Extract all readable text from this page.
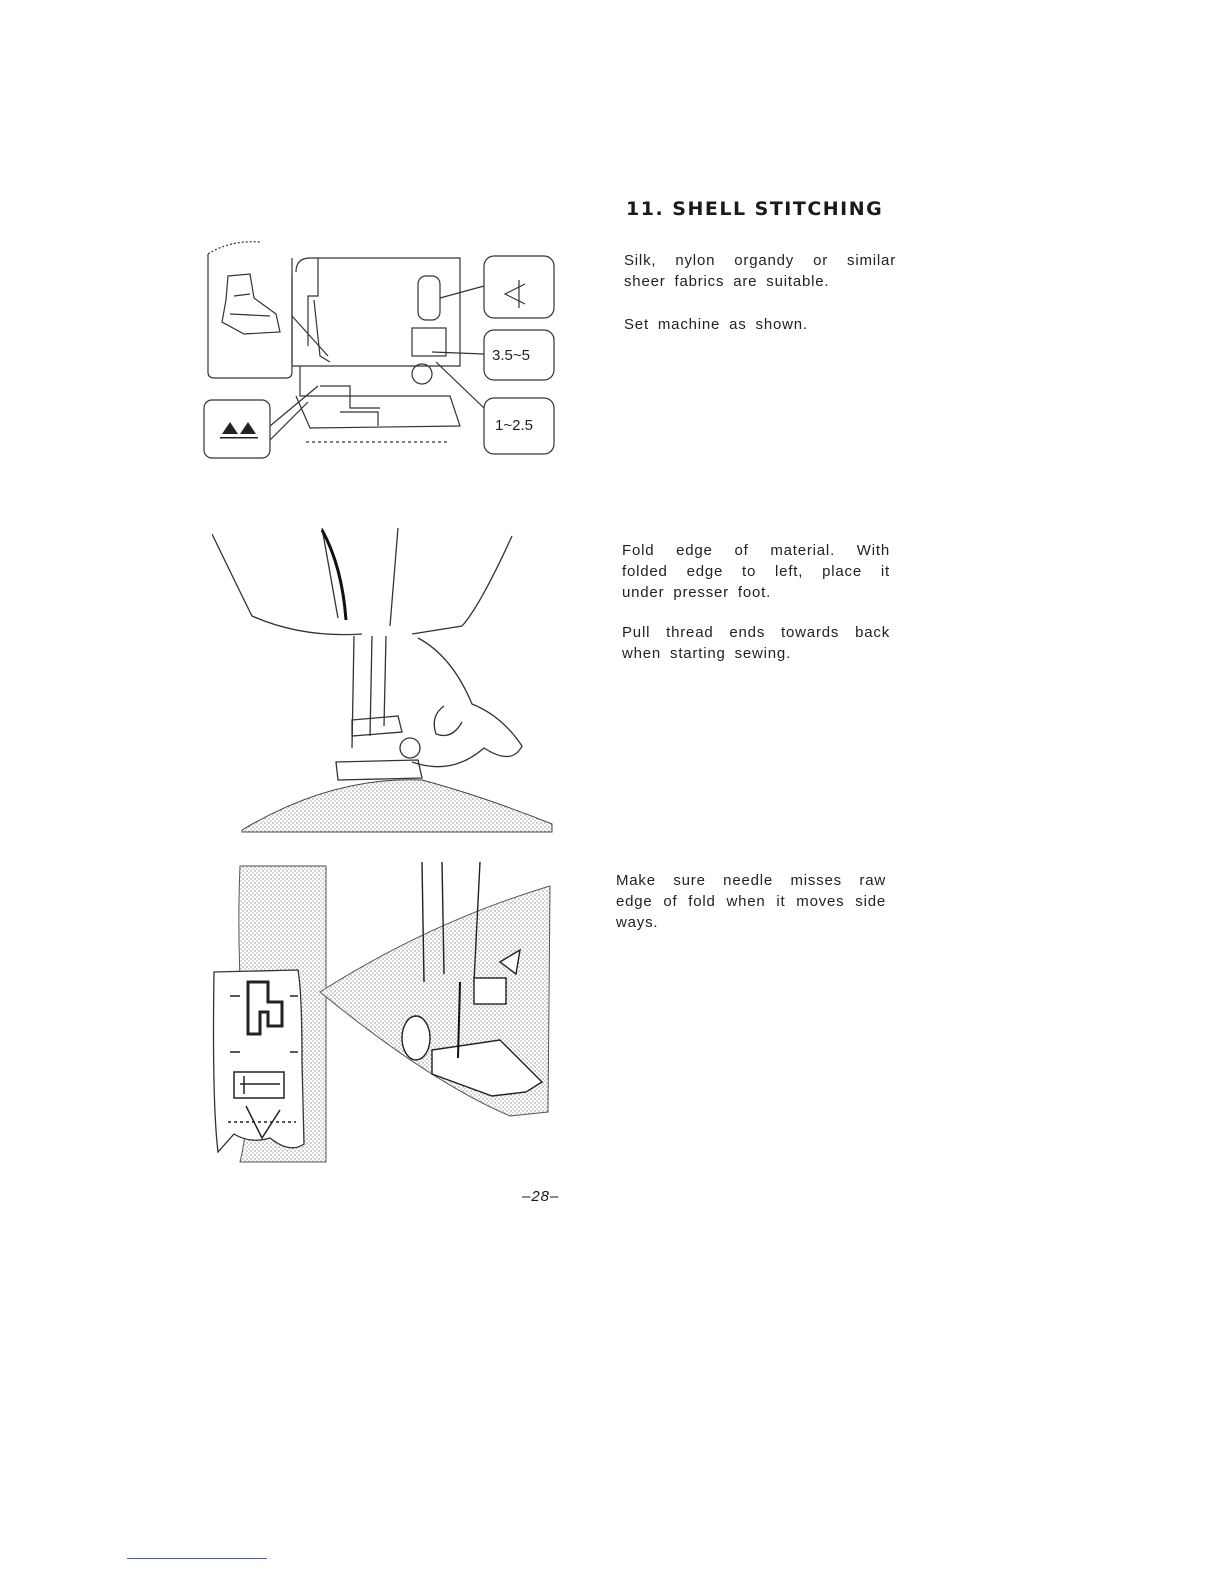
11. SHELL STITCHING
Silk, nylon organdy or similar sheer fabrics are suitable.
Set machine as shown.
Fold edge of material. With folded edge to left, place it under presser foot.
Pull thread ends towards back when starting sewing.
Make sure needle misses raw edge of fold when it moves side ways.
–28–
3.5~5
1~2.5
